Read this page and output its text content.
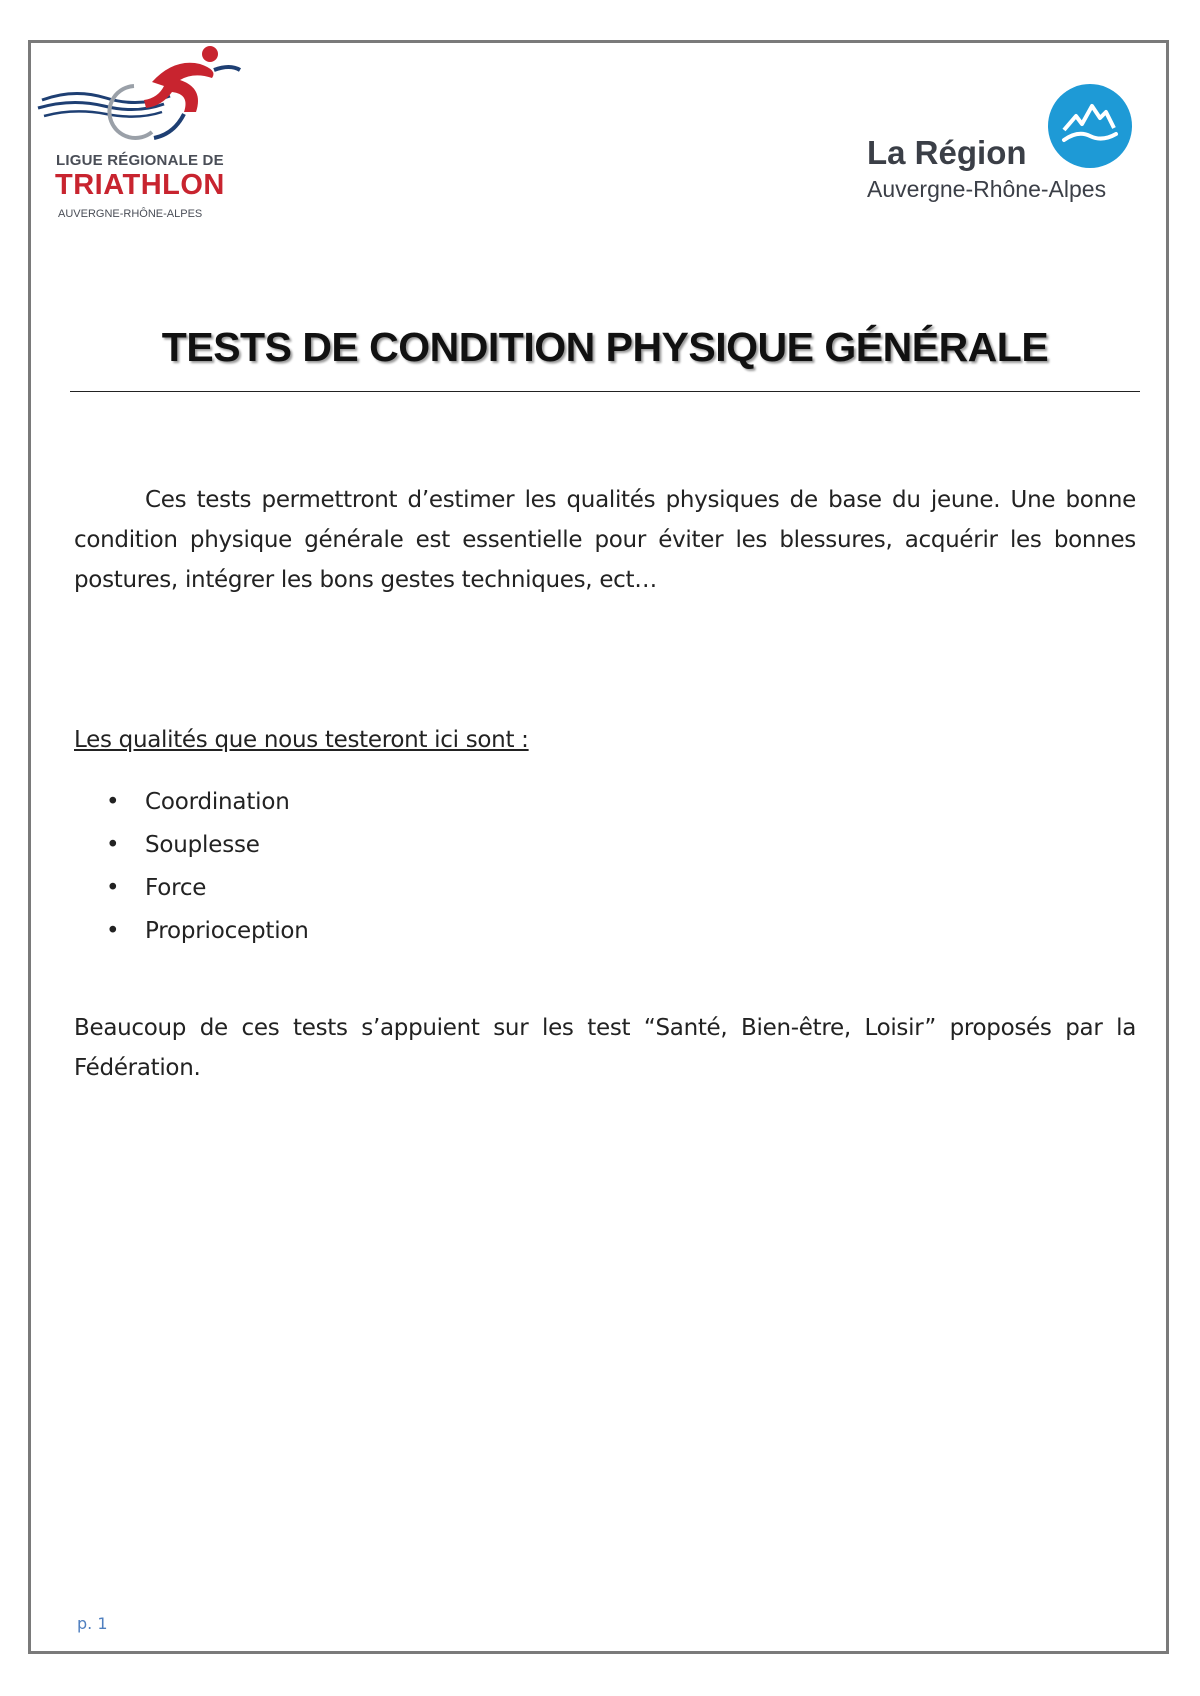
LIGUE RÉGIONALE DE
TRIATHLON
AUVERGNE-RHÔNE-ALPES
La Région
Auvergne-Rhône-Alpes
TESTS DE CONDITION PHYSIQUE GÉNÉRALE

Ces tests permettront d’estimer les qualités physiques de base du jeune. Une bonne condition physique générale est essentielle pour éviter les blessures, acquérir les bonnes postures, intégrer les bons gestes techniques, ect…

Les qualités que nous testeront ici sont :
• Coordination
• Souplesse
• Force
• Proprioception

Beaucoup de ces tests s’appuient sur les test “Santé, Bien-être, Loisir” proposés par la Fédération.

p. 1
